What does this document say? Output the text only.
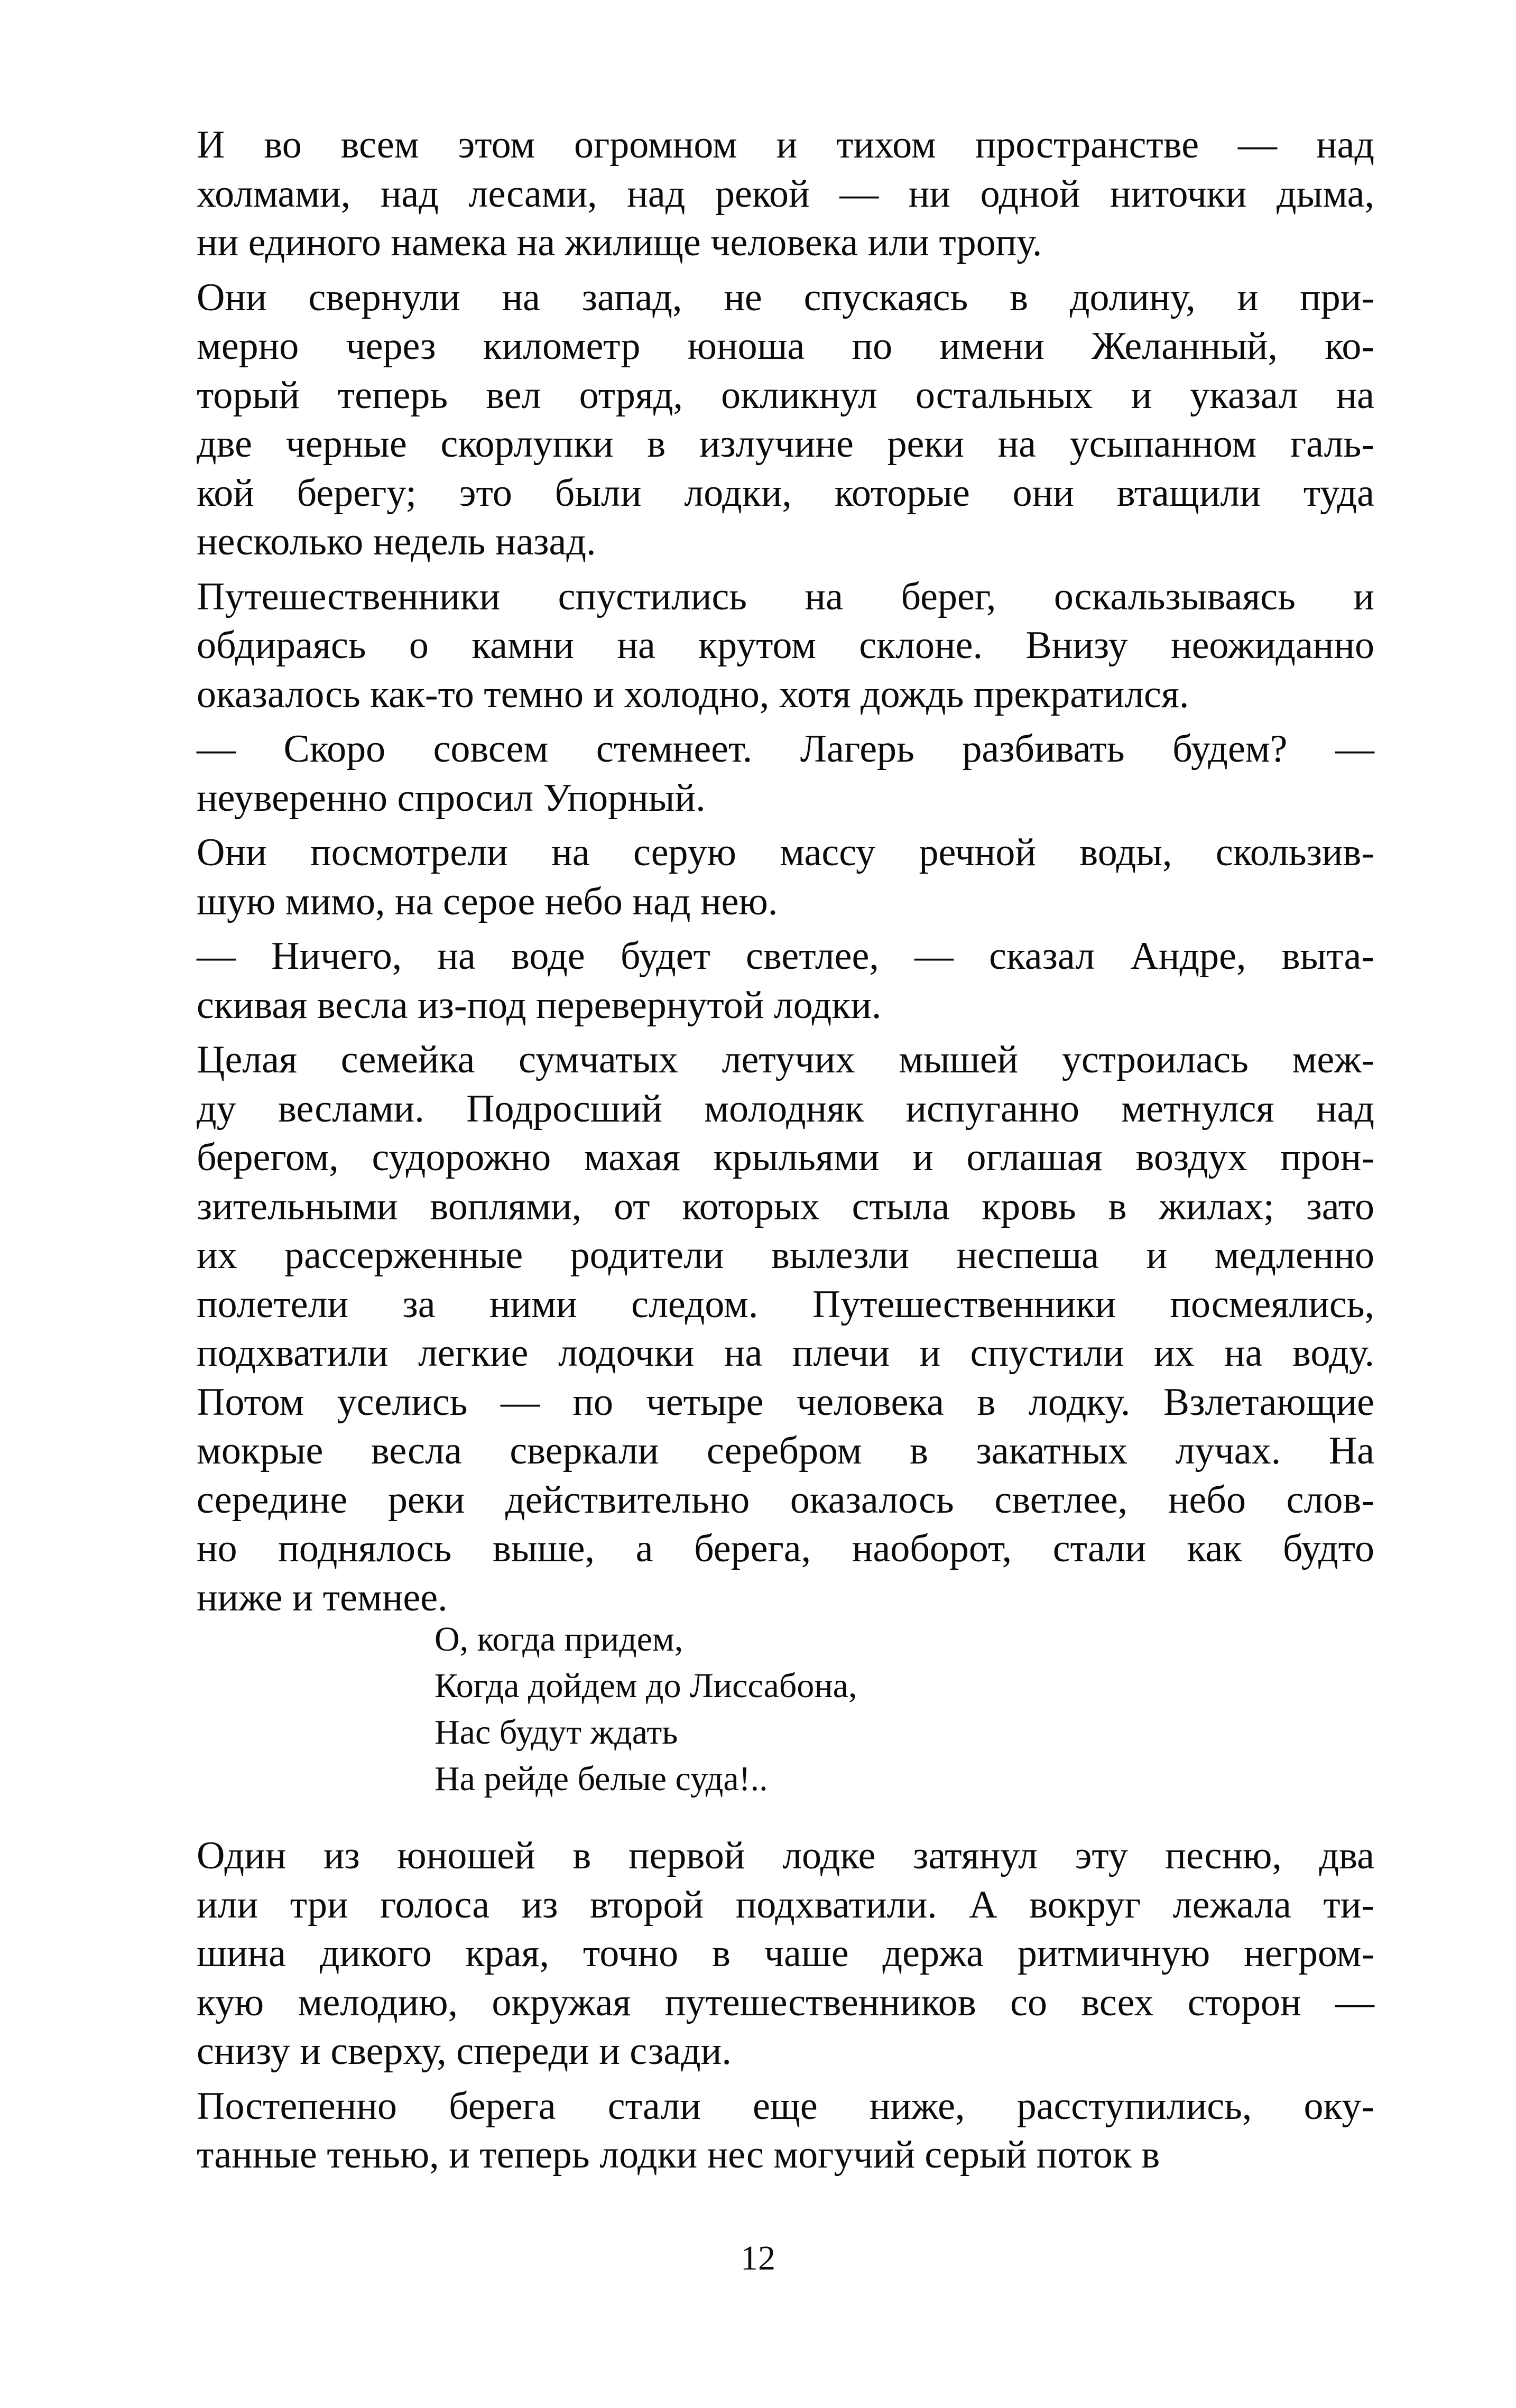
И во всем этом огромном и тихом пространстве — над
холмами, над лесами, над рекой — ни одной ниточки дыма,
ни единого намека на жилище человека или тропу.

Они свернули на запад, не спускаясь в долину, и при-
мерно через километр юноша по имени Желанный, ко-
торый теперь вел отряд, окликнул остальных и указал на
две черные скорлупки в излучине реки на усыпанном галь-
кой берегу; это были лодки, которые они втащили туда
несколько недель назад.

Путешественники спустились на берег, оскальзываясь и
обдираясь о камни на крутом склоне. Внизу неожиданно
оказалось как-то темно и холодно, хотя дождь прекратился.

— Скоро совсем стемнеет. Лагерь разбивать будем? —
неуверенно спросил Упорный.

Они посмотрели на серую массу речной воды, скользив-
шую мимо, на серое небо над нею.

— Ничего, на воде будет светлее, — сказал Андре, выта-
скивая весла из-под перевернутой лодки.

Целая семейка сумчатых летучих мышей устроилась меж-
ду веслами. Подросший молодняк испуганно метнулся над
берегом, судорожно махая крыльями и оглашая воздух прон-
зительными воплями, от которых стыла кровь в жилах; зато
их рассерженные родители вылезли неспеша и медленно
полетели за ними следом. Путешественники посмеялись,
подхватили легкие лодочки на плечи и спустили их на воду.
Потом уселись — по четыре человека в лодку. Взлетающие
мокрые весла сверкали серебром в закатных лучах. На
середине реки действительно оказалось светлее, небо слов-
но поднялось выше, а берега, наоборот, стали как будто
ниже и темнее.

О, когда придем,
Когда дойдем до Лиссабона,
Нас будут ждать
На рейде белые суда!..

Один из юношей в первой лодке затянул эту песню, два
или три голоса из второй подхватили. А вокруг лежала ти-
шина дикого края, точно в чаше держа ритмичную негром-
кую мелодию, окружая путешественников со всех сторон —
снизу и сверху, спереди и сзади.

Постепенно берега стали еще ниже, расступились, оку-
танные тенью, и теперь лодки нес могучий серый поток в

12
